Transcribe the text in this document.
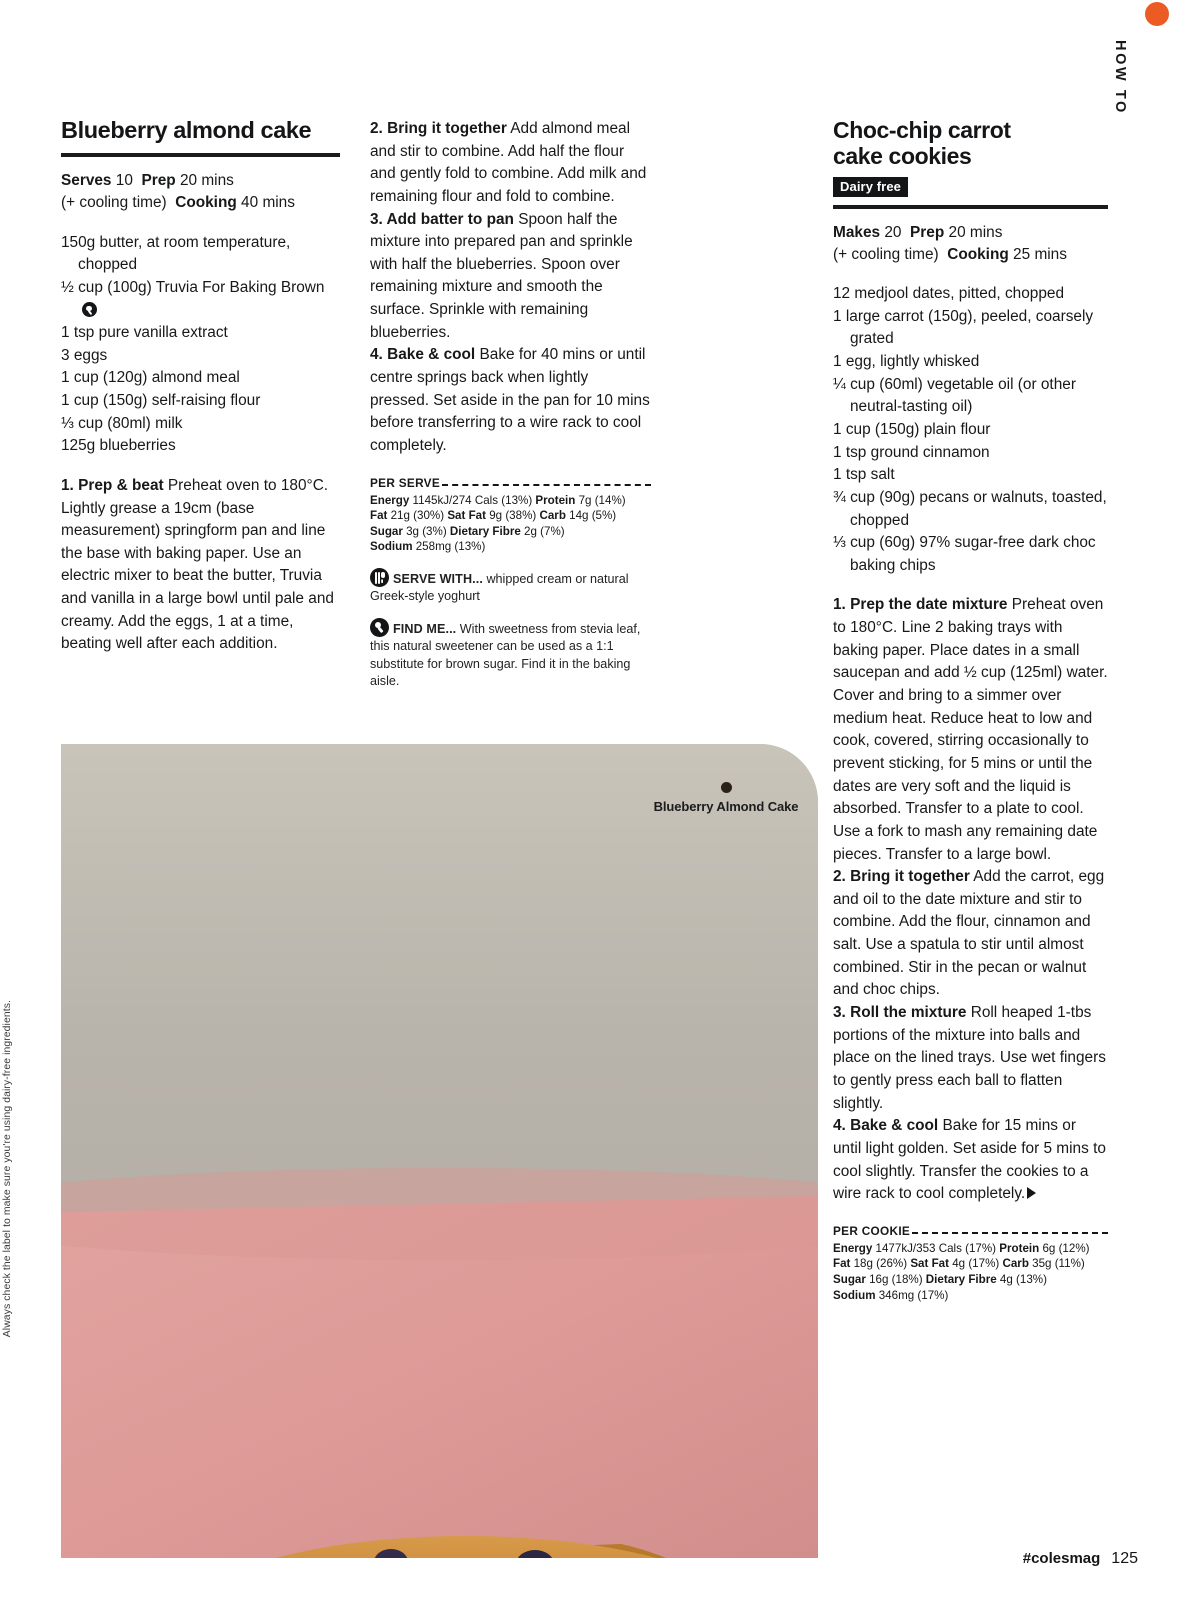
HOW TO
Always check the label to make sure you're using dairy-free ingredients.
Blueberry almond cake
Serves 10 Prep 20 mins
(+ cooling time) Cooking 40 mins
150g butter, at room temperature, chopped
½ cup (100g) Truvia For Baking Brown
1 tsp pure vanilla extract
3 eggs
1 cup (120g) almond meal
1 cup (150g) self-raising flour
⅓ cup (80ml) milk
125g blueberries

1. Prep & beat Preheat oven to 180°C. Lightly grease a 19cm (base measurement) springform pan and line the base with baking paper. Use an electric mixer to beat the butter, Truvia and vanilla in a large bowl until pale and creamy. Add the eggs, 1 at a time, beating well after each addition.

2. Bring it together Add almond meal and stir to combine. Add half the flour and gently fold to combine. Add milk and remaining flour and fold to combine.

3. Add batter to pan Spoon half the mixture into prepared pan and sprinkle with half the blueberries. Spoon over remaining mixture and smooth the surface. Sprinkle with remaining blueberries.

4. Bake & cool Bake for 40 mins or until centre springs back when lightly pressed. Set aside in the pan for 10 mins before transferring to a wire rack to cool completely.

PER SERVE
Energy 1145kJ/274 Cals (13%) Protein 7g (14%)
Fat 21g (30%) Sat Fat 9g (38%) Carb 14g (5%)
Sugar 3g (3%) Dietary Fibre 2g (7%)
Sodium 258mg (13%)
SERVE WITH... whipped cream or natural Greek-style yoghurt
FIND ME... With sweetness from stevia leaf, this natural sweetener can be used as a 1:1 substitute for brown sugar. Find it in the baking aisle.
Choc-chip carrot
cake cookies
Dairy free
Makes 20 Prep 20 mins
(+ cooling time) Cooking 25 mins
12 medjool dates, pitted, chopped
1 large carrot (150g), peeled, coarsely grated
1 egg, lightly whisked
¼ cup (60ml) vegetable oil (or other neutral-tasting oil)
1 cup (150g) plain flour
1 tsp ground cinnamon
1 tsp salt
¾ cup (90g) pecans or walnuts, toasted, chopped
⅓ cup (60g) 97% sugar-free dark choc baking chips

1. Prep the date mixture Preheat oven to 180°C. Line 2 baking trays with baking paper. Place dates in a small saucepan and add ½ cup (125ml) water. Cover and bring to a simmer over medium heat. Reduce heat to low and cook, covered, stirring occasionally to prevent sticking, for 5 mins or until the dates are very soft and the liquid is absorbed. Transfer to a plate to cool. Use a fork to mash any remaining date pieces. Transfer to a large bowl.

2. Bring it together Add the carrot, egg and oil to the date mixture and stir to combine. Add the flour, cinnamon and salt. Use a spatula to stir until almost combined. Stir in the pecan or walnut and choc chips.

3. Roll the mixture Roll heaped 1-tbs portions of the mixture into balls and place on the lined trays. Use wet fingers to gently press each ball to flatten slightly.

4. Bake & cool Bake for 15 mins or until light golden. Set aside for 5 mins to cool slightly. Transfer the cookies to a wire rack to cool completely.

PER COOKIE
Energy 1477kJ/353 Cals (17%) Protein 6g (12%)
Fat 18g (26%) Sat Fat 4g (17%) Carb 35g (11%)
Sugar 16g (18%) Dietary Fibre 4g (13%)
Sodium 346mg (17%)
Blueberry Almond Cake
#colesmag 125
